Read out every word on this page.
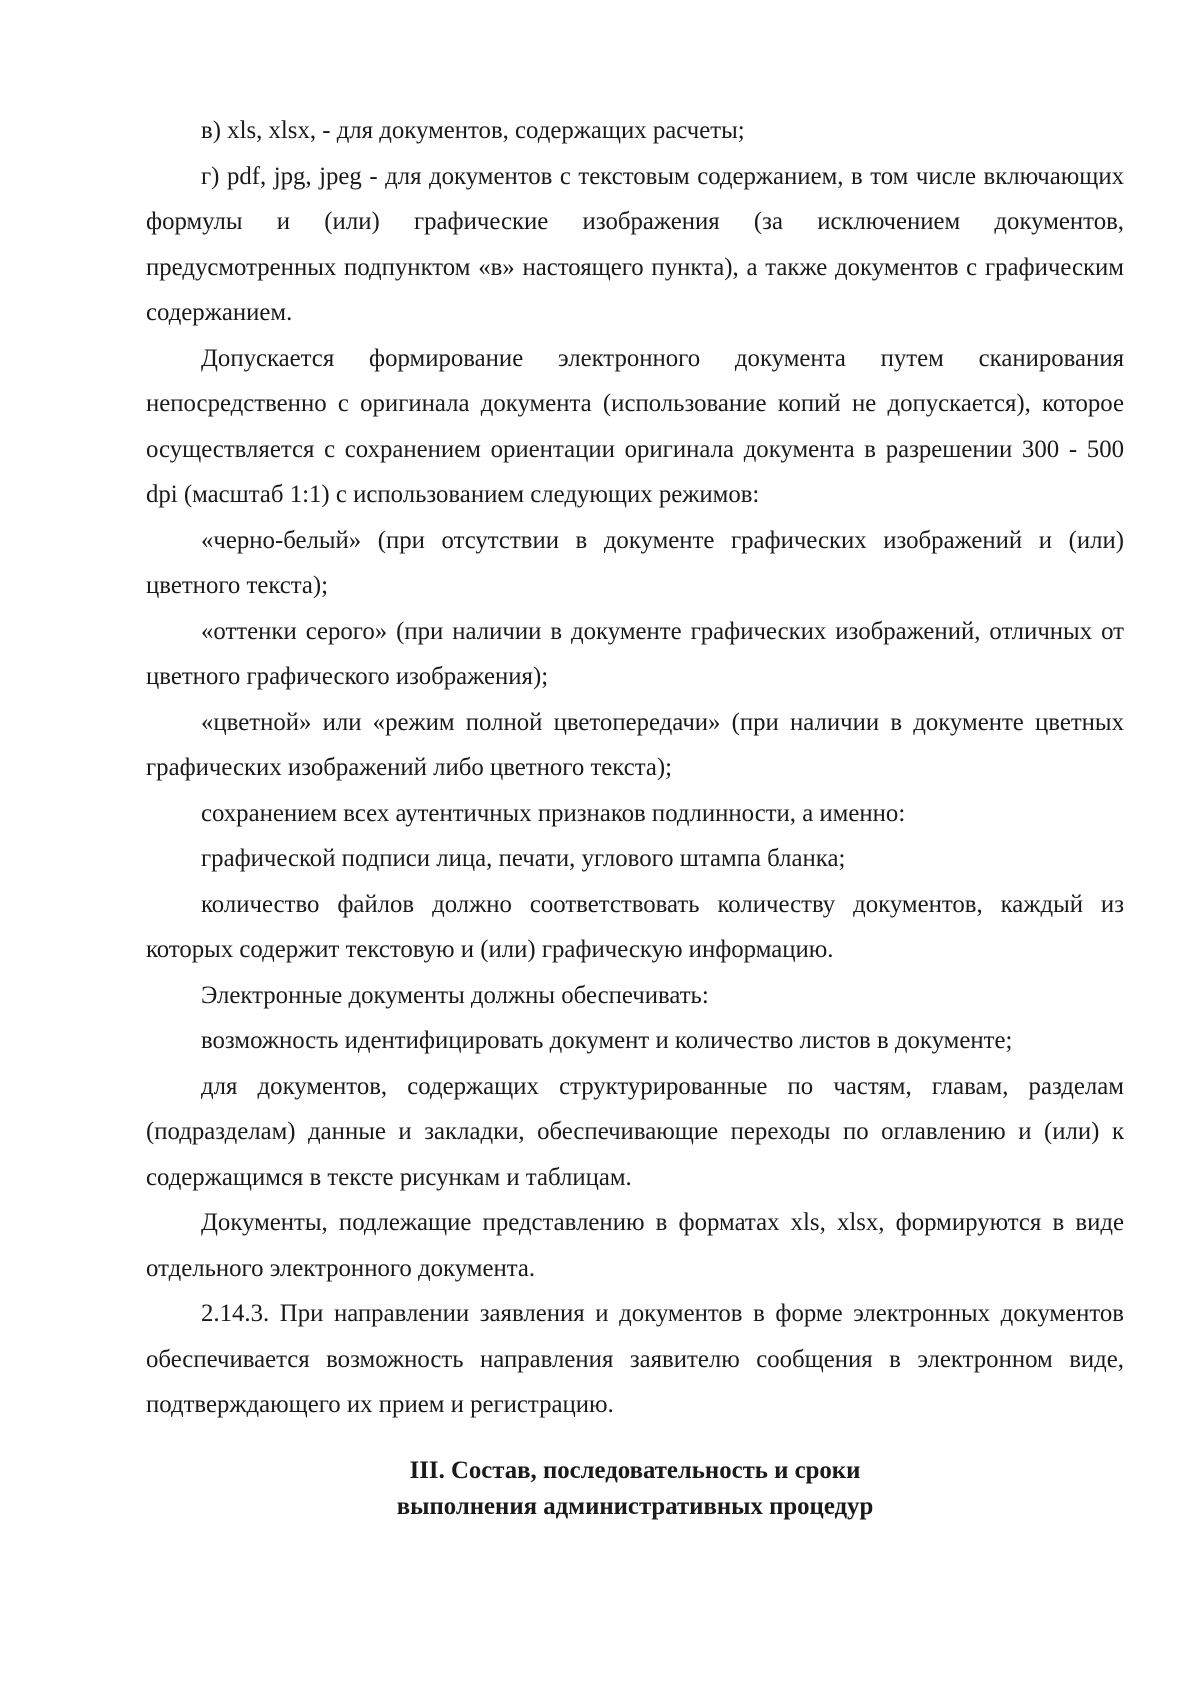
в) xls, xlsx, - для документов, содержащих расчеты;

г) pdf, jpg, jpeg - для документов с текстовым содержанием, в том числе включающих формулы и (или) графические изображения (за исключением документов, предусмотренных подпунктом «в» настоящего пункта), а также документов с графическим содержанием.

Допускается формирование электронного документа путем сканирования непосредственно с оригинала документа (использование копий не допускается), которое осуществляется с сохранением ориентации оригинала документа в разрешении 300 - 500 dpi (масштаб 1:1) с использованием следующих режимов:

«черно-белый» (при отсутствии в документе графических изображений и (или) цветного текста);

«оттенки серого» (при наличии в документе графических изображений, отличных от цветного графического изображения);

«цветной» или «режим полной цветопередачи» (при наличии в документе цветных графических изображений либо цветного текста);

сохранением всех аутентичных признаков подлинности, а именно:

графической подписи лица, печати, углового штампа бланка;

количество файлов должно соответствовать количеству документов, каждый из которых содержит текстовую и (или) графическую информацию.

Электронные документы должны обеспечивать:

возможность идентифицировать документ и количество листов в документе;

для документов, содержащих структурированные по частям, главам, разделам (подразделам) данные и закладки, обеспечивающие переходы по оглавлению и (или) к содержащимся в тексте рисункам и таблицам.

Документы, подлежащие представлению в форматах xls, xlsx, формируются в виде отдельного электронного документа.

2.14.3. При направлении заявления и документов в форме электронных документов обеспечивается возможность направления заявителю сообщения в электронном виде, подтверждающего их прием и регистрацию.

III. Состав, последовательность и сроки
выполнения административных процедур
